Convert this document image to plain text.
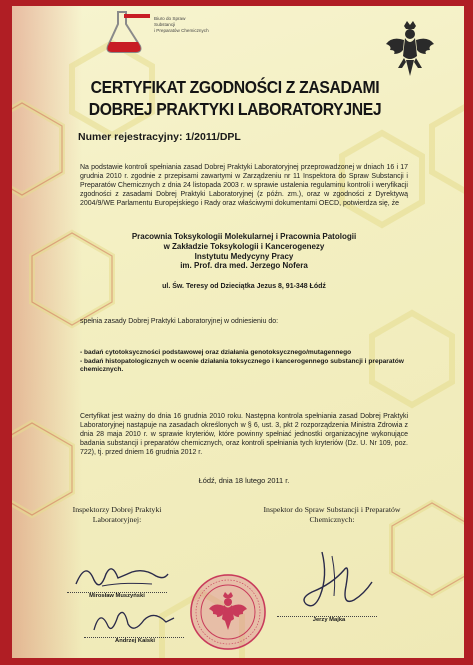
Biuro do Spraw
Substancji
i Preparatów Chemicznych
CERTYFIKAT ZGODNOŚCI Z ZASADAMI
DOBREJ PRAKTYKI LABORATORYJNEJ
Numer rejestracyjny: 1/2011/DPL
Na podstawie kontroli spełniania zasad Dobrej Praktyki Laboratoryjnej przeprowadzonej w dniach 16 i 17 grudnia 2010 r. zgodnie z przepisami zawartymi w Zarządzeniu nr 11 Inspektora do Spraw Substancji i Preparatów Chemicznych z dnia 24 listopada 2003 r. w sprawie ustalenia regulaminu kontroli i weryfikacji zgodności z zasadami Dobrej Praktyki Laboratoryjnej (z późn. zm.), oraz w zgodności z Dyrektywą 2004/9/WE Parlamentu Europejskiego i Rady oraz właściwymi dokumentami OECD, potwierdza się, że
Pracownia Toksykologii Molekularnej i Pracownia Patologii
w Zakładzie Toksykologii i Kancerogenezy
Instytutu Medycyny Pracy
im. Prof. dra med. Jerzego Nofera
ul. Św. Teresy od Dzieciątka Jezus 8, 91-348 Łódź
spełnia zasady Dobrej Praktyki Laboratoryjnej w odniesieniu do:
- badań cytotoksyczności podstawowej oraz działania genotoksycznego/mutagennego
- badań histopatologicznych w ocenie działania toksycznego i kancerogennego substancji i preparatów chemicznych.
Certyfikat jest ważny do dnia 16 grudnia 2010 roku. Następna kontrola spełniania zasad Dobrej Praktyki Laboratoryjnej nastąpuje na zasadach określonych w § 6, ust. 3, pkt 2 rozporządzenia Ministra Zdrowia z dnia 28 maja 2010 r. w sprawie kryteriów, które powinny spełniać jednostki organizacyjne wykonujące badania substancji i preparatów chemicznych, oraz kontroli spełniania tych kryteriów (Dz. U. Nr 109, poz. 722), tj. przed dniem 16 grudnia 2012 r.
Łódź, dnia 18 lutego 2011 r.
Inspektorzy Dobrej Praktyki Laboratoryjnej:
Inspektor do Spraw Substancji i Preparatów Chemicznych:
Mirosław Muszyński
Andrzej Kaiski
Jerzy Majka
